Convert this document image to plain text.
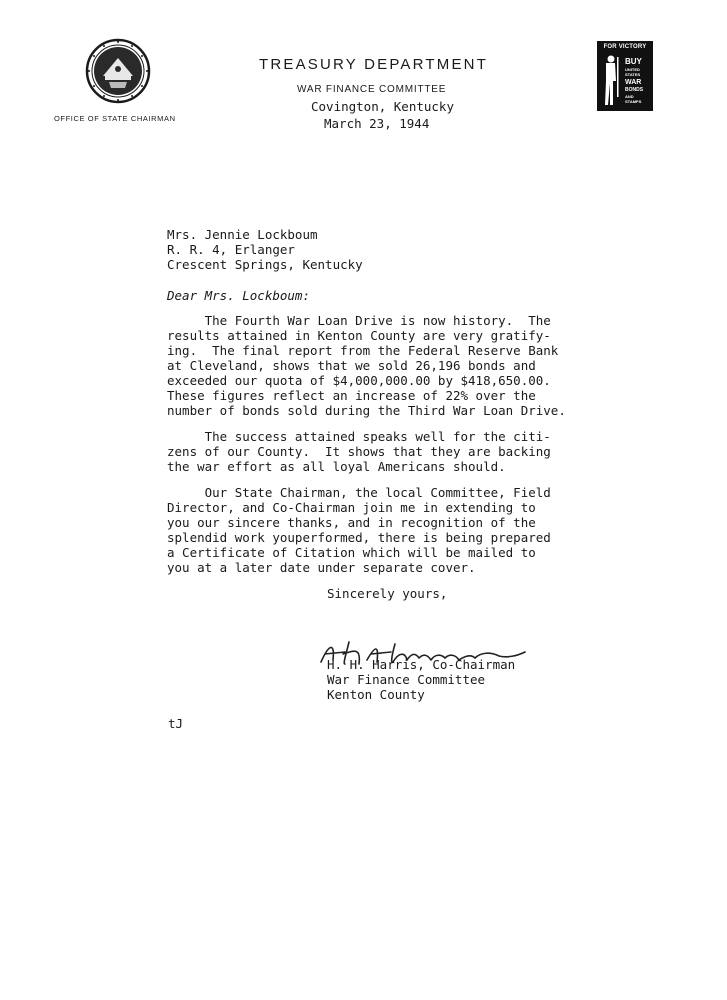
OFFICE OF STATE CHAIRMAN
TREASURY DEPARTMENT
WAR FINANCE COMMITTEE
Covington, Kentucky
March 23, 1944
FOR VICTORY
BUY
UNITED
STATES
WAR
BONDS
AND
STAMPS
Mrs. Jennie Lockboum
R. R. 4, Erlanger
Crescent Springs, Kentucky
Dear Mrs. Lockboum:
The Fourth War Loan Drive is now history.  The
results attained in Kenton County are very gratify-
ing.  The final report from the Federal Reserve Bank
at Cleveland, shows that we sold 26,196 bonds and
exceeded our quota of $4,000,000.00 by $418,650.00.
These figures reflect an increase of 22% over the
number of bonds sold during the Third War Loan Drive.
The success attained speaks well for the citi-
zens of our County.  It shows that they are backing
the war effort as all loyal Americans should.
Our State Chairman, the local Committee, Field
Director, and Co-Chairman join me in extending to
you our sincere thanks, and in recognition of the
splendid work youperformed, there is being prepared
a Certificate of Citation which will be mailed to
you at a later date under separate cover.
Sincerely yours,
H. H. Harris, Co-Chairman
War Finance Committee
Kenton County
tJ
